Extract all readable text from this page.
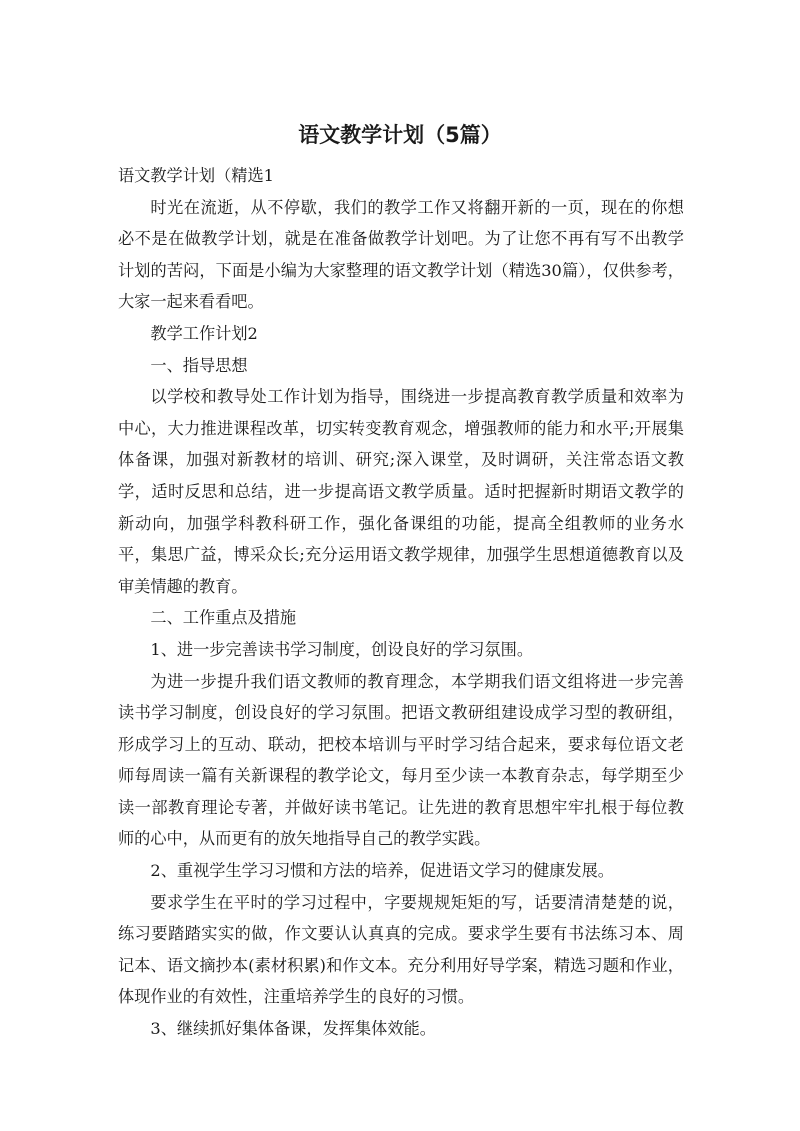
语文教学计划（5篇）

语文教学计划（精选1

时光在流逝，从不停歇，我们的教学工作又将翻开新的一页，现在的你想必不是在做教学计划，就是在准备做教学计划吧。为了让您不再有写不出教学计划的苦闷，下面是小编为大家整理的语文教学计划（精选30篇），仅供参考，大家一起来看看吧。

教学工作计划2

一、指导思想

以学校和教导处工作计划为指导，围绕进一步提高教育教学质量和效率为中心，大力推进课程改革，切实转变教育观念，增强教师的能力和水平;开展集体备课，加强对新教材的培训、研究;深入课堂，及时调研，关注常态语文教学，适时反思和总结，进一步提高语文教学质量。适时把握新时期语文教学的新动向，加强学科教科研工作，强化备课组的功能，提高全组教师的业务水平，集思广益，博采众长;充分运用语文教学规律，加强学生思想道德教育以及审美情趣的教育。

二、工作重点及措施

1、进一步完善读书学习制度，创设良好的学习氛围。

为进一步提升我们语文教师的教育理念，本学期我们语文组将进一步完善读书学习制度，创设良好的学习氛围。把语文教研组建设成学习型的教研组，形成学习上的互动、联动，把校本培训与平时学习结合起来，要求每位语文老师每周读一篇有关新课程的教学论文，每月至少读一本教育杂志，每学期至少读一部教育理论专著，并做好读书笔记。让先进的教育思想牢牢扎根于每位教师的心中，从而更有的放矢地指导自己的教学实践。

2、重视学生学习习惯和方法的培养，促进语文学习的健康发展。

要求学生在平时的学习过程中，字要规规矩矩的写，话要清清楚楚的说，练习要踏踏实实的做，作文要认认真真的完成。要求学生要有书法练习本、周记本、语文摘抄本(素材积累)和作文本。充分利用好导学案，精选习题和作业，体现作业的有效性，注重培养学生的良好的习惯。

3、继续抓好集体备课，发挥集体效能。
